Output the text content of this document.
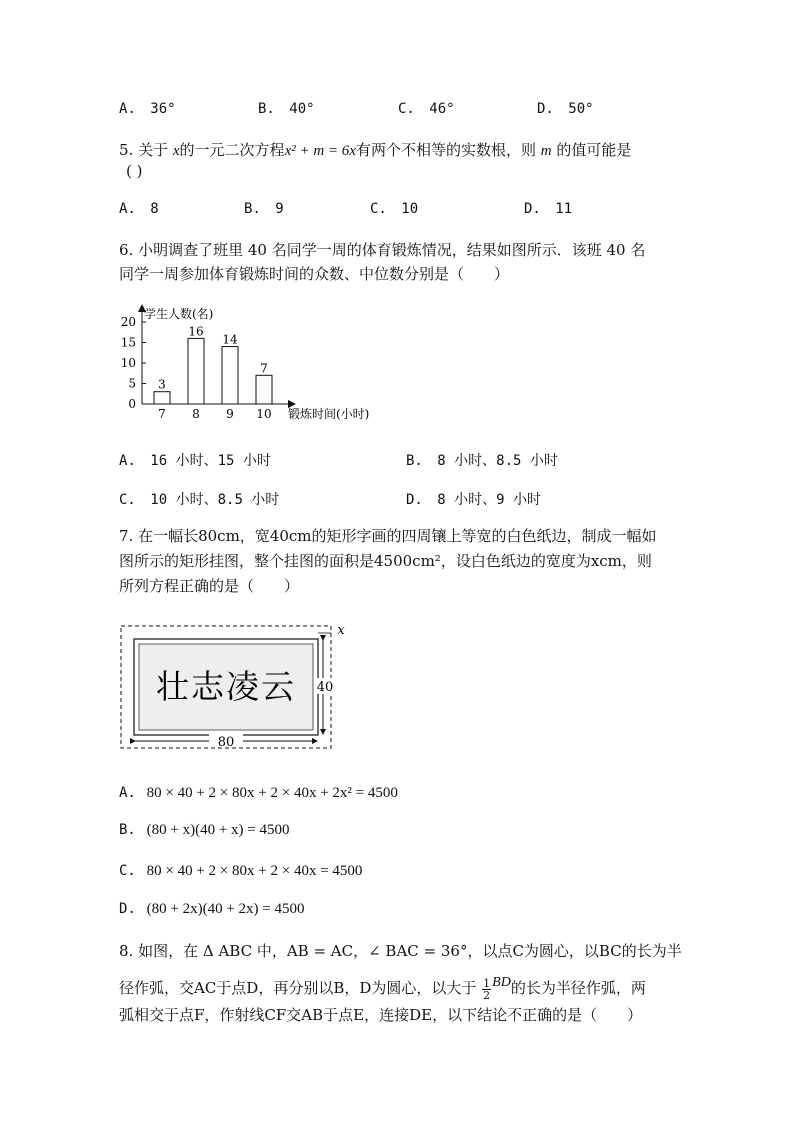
A. 36°	B. 40°	C. 46°	D. 50°
5. 关于 x的一元二次方程x² + m = 6x有两个不相等的实数根，则 m 的值可能是
( )
A. 8	B. 9	C. 10	D. 11
6. 小明调查了班里 40 名同学一周的体育锻炼情况，结果如图所示．该班 40 名
同学一周参加体育锻炼时间的众数、中位数分别是（　　）
学生人数(名)
锻炼时间(小时)
0
5
10
15
20
3
7
16
8
14
9
7
10
A. 16 小时、15 小时	B. 8 小时、8.5 小时
C. 10 小时、8.5 小时	D. 8 小时、9 小时
7. 在一幅长80cm，宽40cm的矩形字画的四周镶上等宽的白色纸边，制成一幅如
图所示的矩形挂图，整个挂图的面积是4500cm²，设白色纸边的宽度为xcm，则
所列方程正确的是（　　）
壮志凌云
80
40
x
A. 80 × 40 + 2 × 80x + 2 × 40x + 2x² = 4500
B. (80 + x)(40 + x) = 4500
C. 80 × 40 + 2 × 80x + 2 × 40x = 4500
D. (80 + 2x)(40 + 2x) = 4500
8. 如图，在 Δ ABC 中，AB = AC，∠ BAC = 36°，以点C为圆心，以BC的长为半
径作弧，交AC于点D，再分别以B，D为圆心，以大于 $\frac{1}{2}$ BD的长为半径作弧，两
弧相交于点F，作射线CF交AB于点E，连接DE，以下结论不正确的是（　　）
